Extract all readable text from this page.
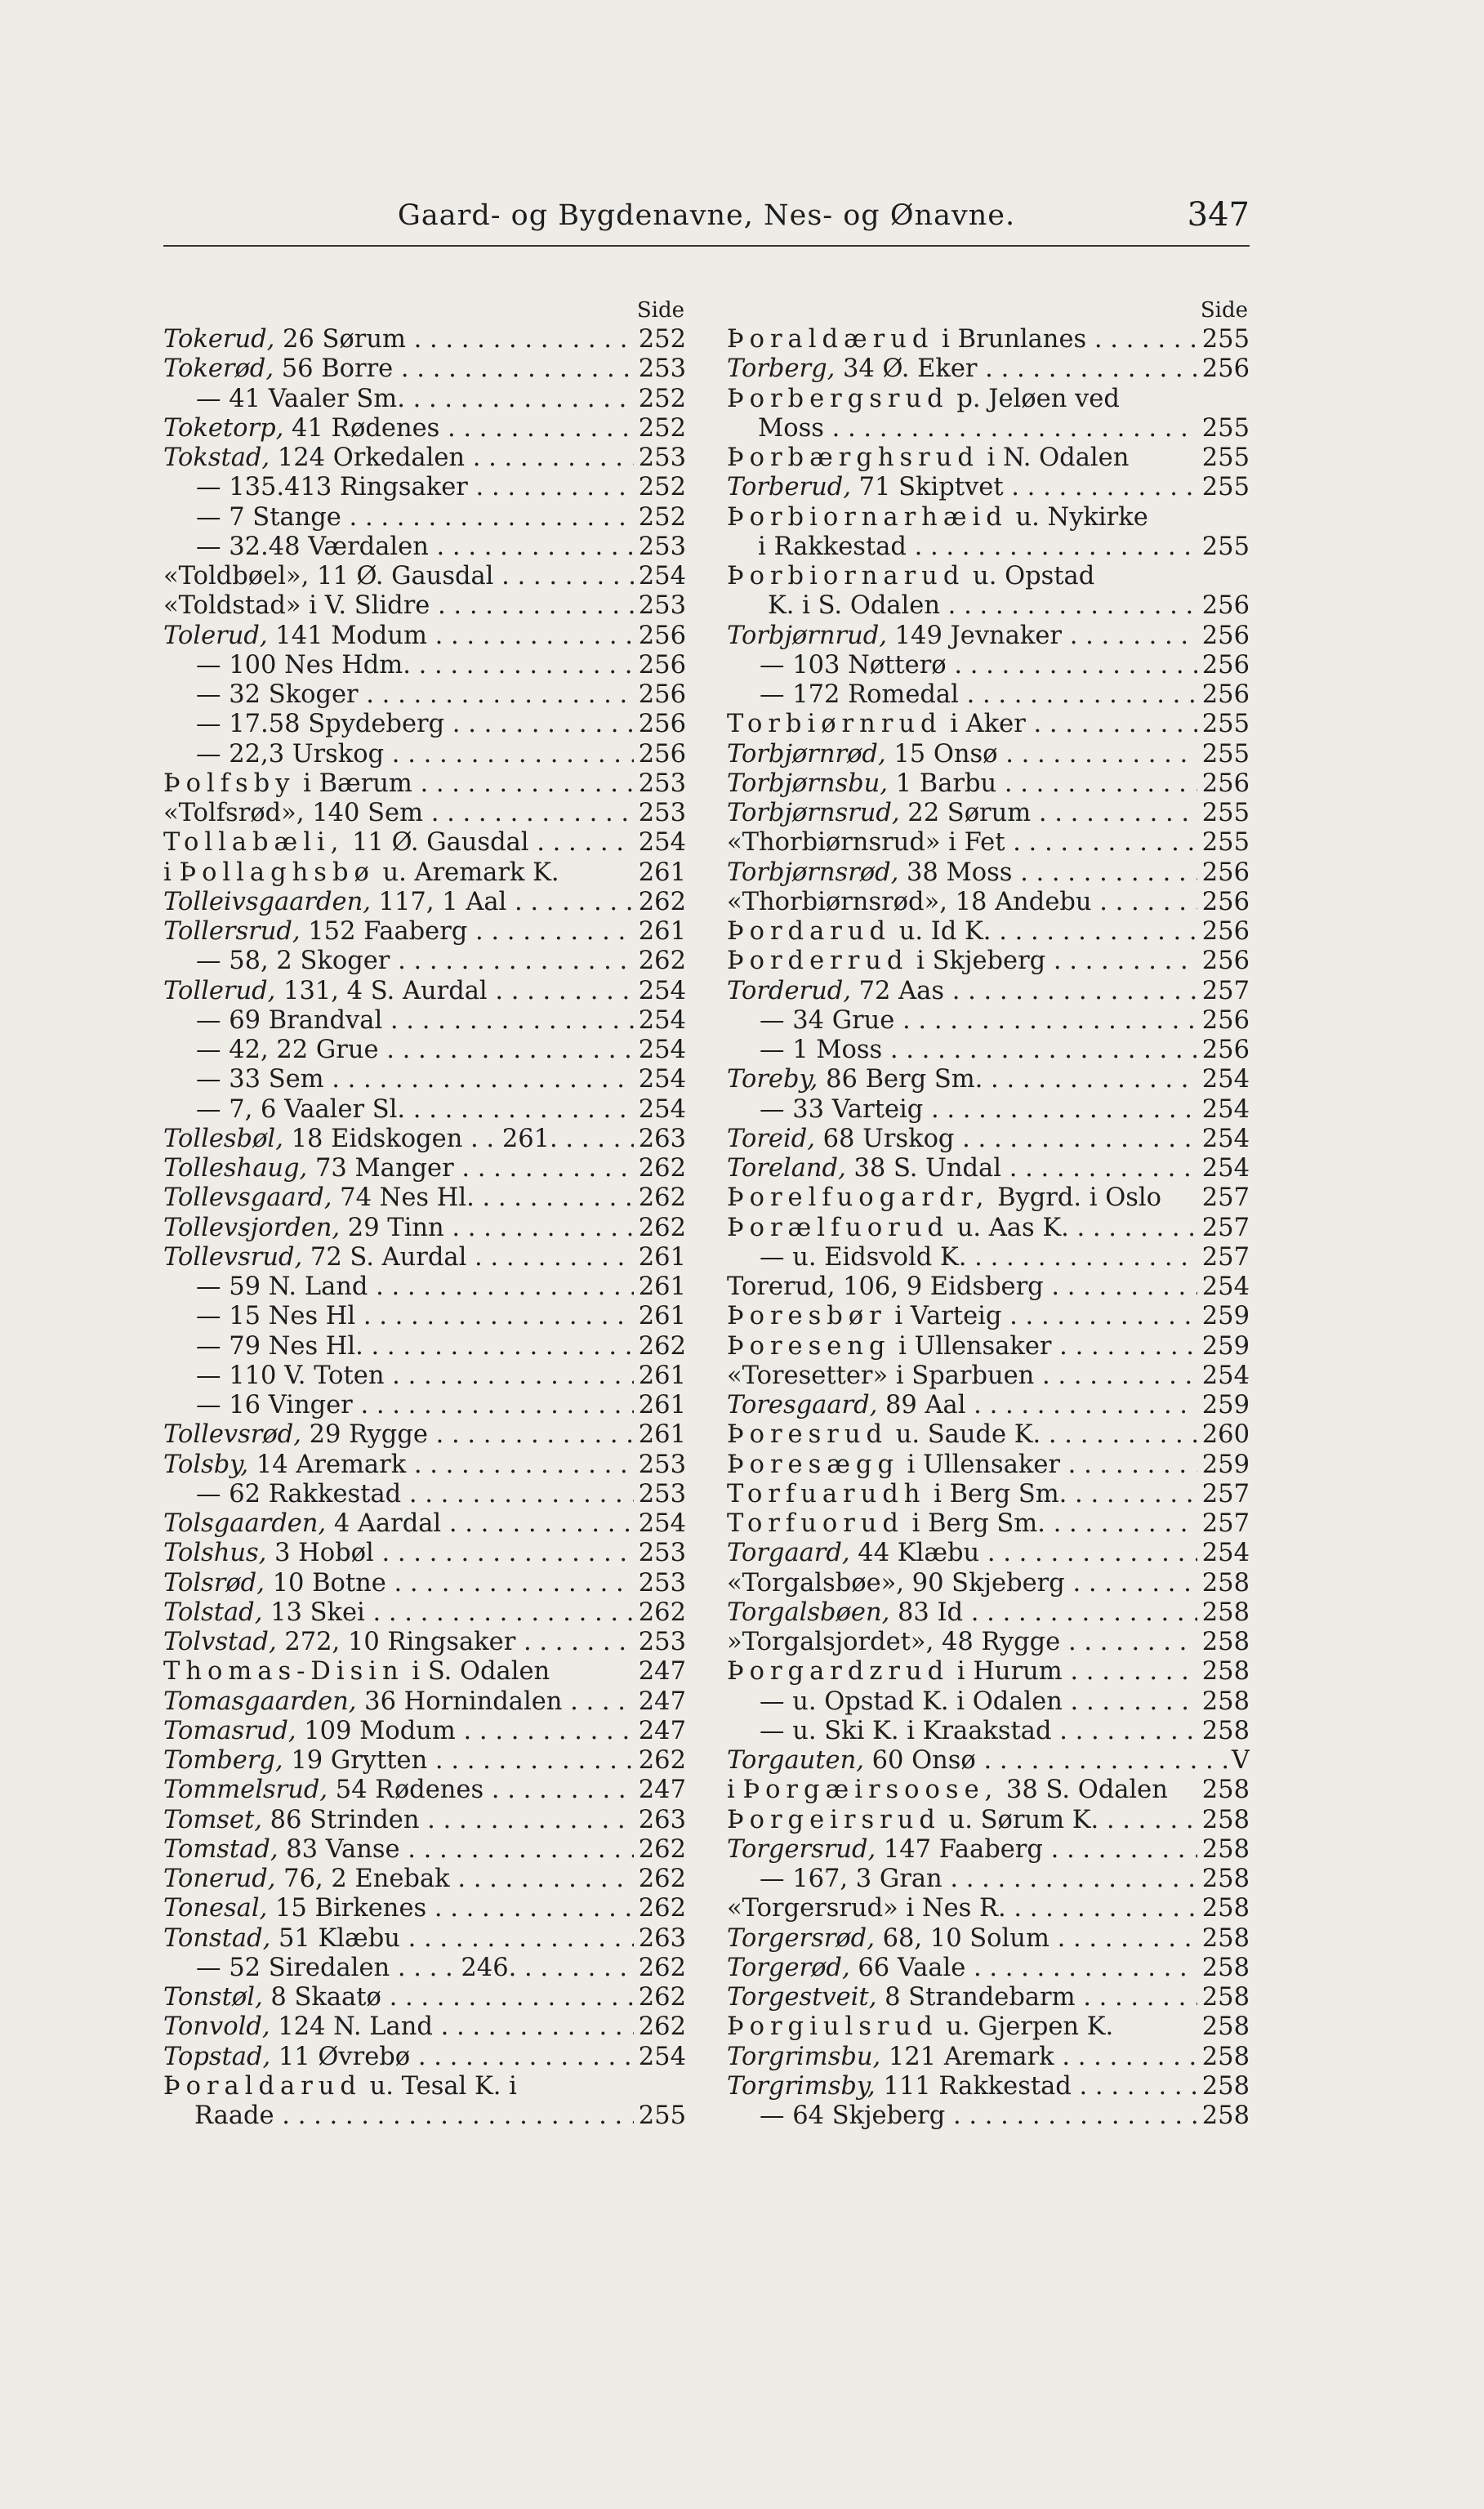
Gaard- og Bygdenavne, Nes- og Ønavne.	347
Side
Tokerud, 26 Sørum . . .	252
Tokerød, 56 Borre . . .	253
— 41 Vaaler Sm. . . .	252
Toketorp, 41 Rødenes . . .	252
Tokstad, 124 Orkedalen . . .	253
— 135.413 Ringsaker . . .	252
— 7 Stange . . .	252
— 32.48 Værdalen . . .	253
«Toldbøel», 11 Ø. Gausdal . . .	254
«Toldstad» i V. Slidre . . .	253
Tolerud, 141 Modum . . .	256
— 100 Nes Hdm. . . .	256
— 32 Skoger . . .	256
— 17.58 Spydeberg . . .	256
— 22,3 Urskog . . .	256
Þolfsby i Bærum . . .	253
«Tolfsrød», 140 Sem . . .	253
Tollabæli, 11 Ø. Gausdal . . .	254
i Þollaghsbø u. Aremark K.	261
Tolleivsgaarden, 117, 1 Aal . . .	262
Tollersrud, 152 Faaberg . . .	261
— 58, 2 Skoger . . .	262
Tollerud, 131, 4 S. Aurdal . . .	254
— 69 Brandval . . .	254
— 42, 22 Grue . . .	254
— 33 Sem . . .	254
— 7, 6 Vaaler Sl. . . .	254
Tollesbøl, 18 Eidskogen . . 261. . . .	263
Tolleshaug, 73 Manger . . .	262
Tollevsgaard, 74 Nes Hl. . . .	262
Tollevsjorden, 29 Tinn . . .	262
Tollevsrud, 72 S. Aurdal . . .	261
— 59 N. Land . . .	261
— 15 Nes Hl . . .	261
— 79 Nes Hl. . . .	262
— 110 V. Toten . . .	261
— 16 Vinger . . .	261
Tollevsrød, 29 Rygge . . .	261
Tolsby, 14 Aremark . . .	253
— 62 Rakkestad . . .	253
Tolsgaarden, 4 Aardal . . .	254
Tolshus, 3 Hobøl . . .	253
Tolsrød, 10 Botne . . .	253
Tolstad, 13 Skei . . .	262
Tolvstad, 272, 10 Ringsaker . . .	253
Thomas-Disin i S. Odalen	247
Tomasgaarden, 36 Hornindalen . . .	247
Tomasrud, 109 Modum . . .	247
Tomberg, 19 Grytten . . .	262
Tommelsrud, 54 Rødenes . . .	247
Tomset, 86 Strinden . . .	263
Tomstad, 83 Vanse . . .	262
Tonerud, 76, 2 Enebak . . .	262
Tonesal, 15 Birkenes . . .	262
Tonstad, 51 Klæbu . . .	263
— 52 Siredalen . . . . 246. . . .	262
Tonstøl, 8 Skaatø . . .	262
Tonvold, 124 N. Land . . .	262
Topstad, 11 Øvrebø . . .	254
Þoraldarud u. Tesal K. i
Raade . . .	255
Side
Þoraldærud i Brunlanes . . .	255
Torberg, 34 Ø. Eker . . .	256
Þorbergsrud p. Jeløen ved
Moss . . .	255
Þorbærghsrud i N. Odalen	255
Torberud, 71 Skiptvet . . .	255
Þorbiornarhæid u. Nykirke
i Rakkestad . . .	255
Þorbiornarud u. Opstad
K. i S. Odalen . . .	256
Torbjørnrud, 149 Jevnaker . . .	256
— 103 Nøtterø . . .	256
— 172 Romedal . . .	256
Torbiørnrud i Aker . . .	255
Torbjørnrød, 15 Onsø . . .	255
Torbjørnsbu, 1 Barbu . . .	256
Torbjørnsrud, 22 Sørum . . .	255
«Thorbiørnsrud» i Fet . . .	255
Torbjørnsrød, 38 Moss . . .	256
«Thorbiørnsrød», 18 Andebu . . .	256
Þordarud u. Id K. . . .	256
Þorderrud i Skjeberg . . .	256
Torderud, 72 Aas . . .	257
— 34 Grue . . .	256
— 1 Moss . . .	256
Toreby, 86 Berg Sm. . . .	254
— 33 Varteig . . .	254
Toreid, 68 Urskog . . .	254
Toreland, 38 S. Undal . . .	254
Þorelfuogardr, Bygrd. i Oslo	257
Þorælfuorud u. Aas K. . . .	257
— u. Eidsvold K. . . .	257
Torerud, 106, 9 Eidsberg . . .	254
Þoresbør i Varteig . . .	259
Þoreseng i Ullensaker . . .	259
«Toresetter» i Sparbuen . . .	254
Toresgaard, 89 Aal . . .	259
Þoresrud u. Saude K. . . .	260
Þoresægg i Ullensaker . . .	259
Torfuarudh i Berg Sm. . . .	257
Torfuorud i Berg Sm. . . .	257
Torgaard, 44 Klæbu . . .	254
«Torgalsbøe», 90 Skjeberg . . .	258
Torgalsbøen, 83 Id . . .	258
»Torgalsjordet», 48 Rygge . . .	258
Þorgardzrud i Hurum . . .	258
— u. Opstad K. i Odalen . . .	258
— u. Ski K. i Kraakstad . . .	258
Torgauten, 60 Onsø . . .	V
i Þorgæirsoose, 38 S. Odalen	258
Þorgeirsrud u. Sørum K. . . .	258
Torgersrud, 147 Faaberg . . .	258
— 167, 3 Gran . . .	258
«Torgersrud» i Nes R. . . .	258
Torgersrød, 68, 10 Solum . . .	258
Torgerød, 66 Vaale . . .	258
Torgestveit, 8 Strandebarm . . .	258
Þorgiulsrud u. Gjerpen K.	258
Torgrimsbu, 121 Aremark . . .	258
Torgrimsby, 111 Rakkestad . . .	258
— 64 Skjeberg . . .	258
